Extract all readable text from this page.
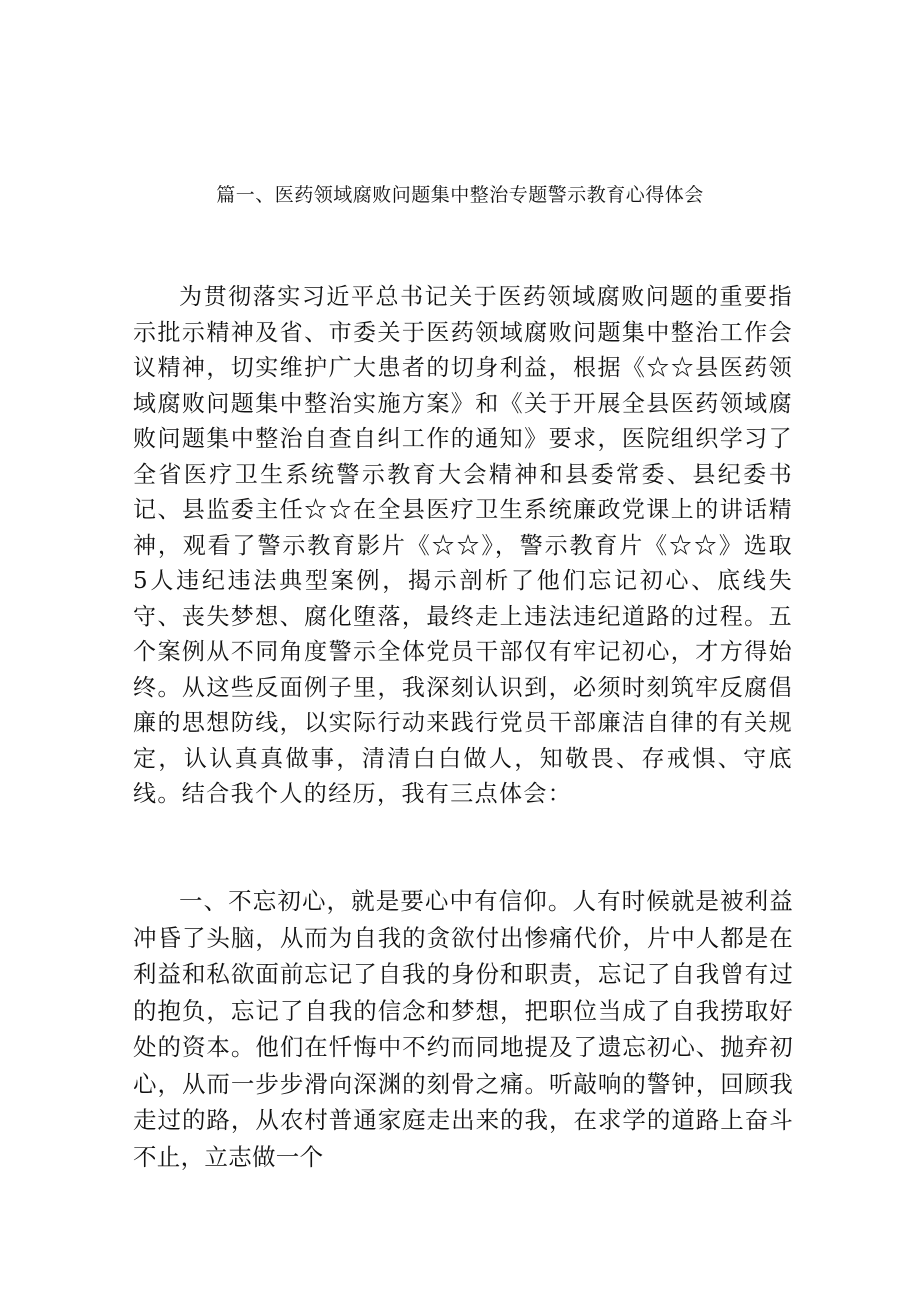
篇一、医药领域腐败问题集中整治专题警示教育心得体会

为贯彻落实习近平总书记关于医药领域腐败问题的重要指示批示精神及省、市委关于医药领域腐败问题集中整治工作会议精神，切实维护广大患者的切身利益，根据《☆☆县医药领域腐败问题集中整治实施方案》和《关于开展全县医药领域腐败问题集中整治自查自纠工作的通知》要求，医院组织学习了全省医疗卫生系统警示教育大会精神和县委常委、县纪委书记、县监委主任☆☆在全县医疗卫生系统廉政党课上的讲话精神，观看了警示教育影片《☆☆》，警示教育片《☆☆》选取5人违纪违法典型案例，揭示剖析了他们忘记初心、底线失守、丧失梦想、腐化堕落，最终走上违法违纪道路的过程。五个案例从不同角度警示全体党员干部仅有牢记初心，才方得始终。从这些反面例子里，我深刻认识到，必须时刻筑牢反腐倡廉的思想防线，以实际行动来践行党员干部廉洁自律的有关规定，认认真真做事，清清白白做人，知敬畏、存戒惧、守底线。结合我个人的经历，我有三点体会：

一、不忘初心，就是要心中有信仰。人有时候就是被利益冲昏了头脑，从而为自我的贪欲付出惨痛代价，片中人都是在利益和私欲面前忘记了自我的身份和职责，忘记了自我曾有过的抱负，忘记了自我的信念和梦想，把职位当成了自我捞取好处的资本。他们在忏悔中不约而同地提及了遗忘初心、抛弃初心，从而一步步滑向深渊的刻骨之痛。听敲响的警钟，回顾我走过的路，从农村普通家庭走出来的我，在求学的道路上奋斗不止，立志做一个
